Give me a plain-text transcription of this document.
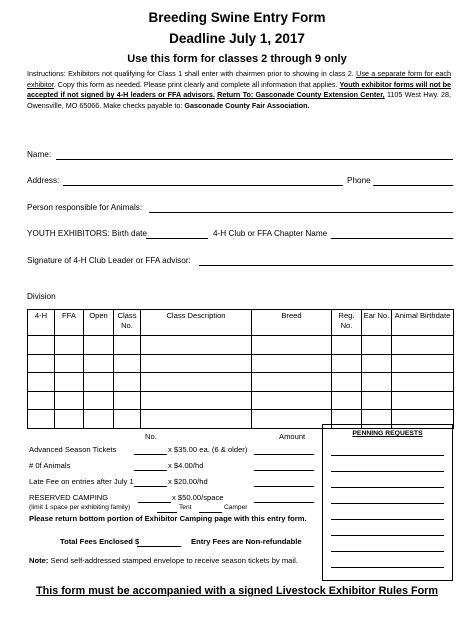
Breeding Swine Entry Form
Deadline July 1, 2017
Use this form for classes 2 through 9 only
Instructions: Exhibitors not qualifying for Class 1 shall enter with chairmen prior to showing in class 2. Use a separate form for each exhibitor. Copy this form as needed. Please print clearly and complete all information that applies. Youth exhibitor forms will not be accepted if not signed by 4-H leaders or FFA advisors. Return To: Gasconade County Extension Center, 1105 West Hwy. 28, Owensville, MO 65066. Make checks payable to: Gasconade County Fair Association.
Name:
Address:	Phone
Person responsible for Animals:
YOUTH EXHIBITORS: Birth date	4-H Club or FFA Chapter Name
Signature of 4-H Club Leader or FFA advisor:
Division
4-H	FFA	Open	Class No.	Class Description	Breed	Reg. No.	Ear No.	Animal Birthdate

No.	Amount
Advanced Season Tickets	x $35.00 ea. (6 & older)
# 0f Animals	x $4.00/hd
Late Fee on entries after July 1	x $20.00/hd
RESERVED CAMPING	x $50.00/space
(limit 1 space per exhibiting family)	Tent	Camper
Please return bottom portion of Exhibitor Camping page with this entry form.
Total Fees Enclosed $	Entry Fees are Non-refundable
Note: Send self-addressed stamped envelope to receive season tickets by mail.
PENNING REQUESTS
This form must be accompanied with a signed Livestock Exhibitor Rules Form
